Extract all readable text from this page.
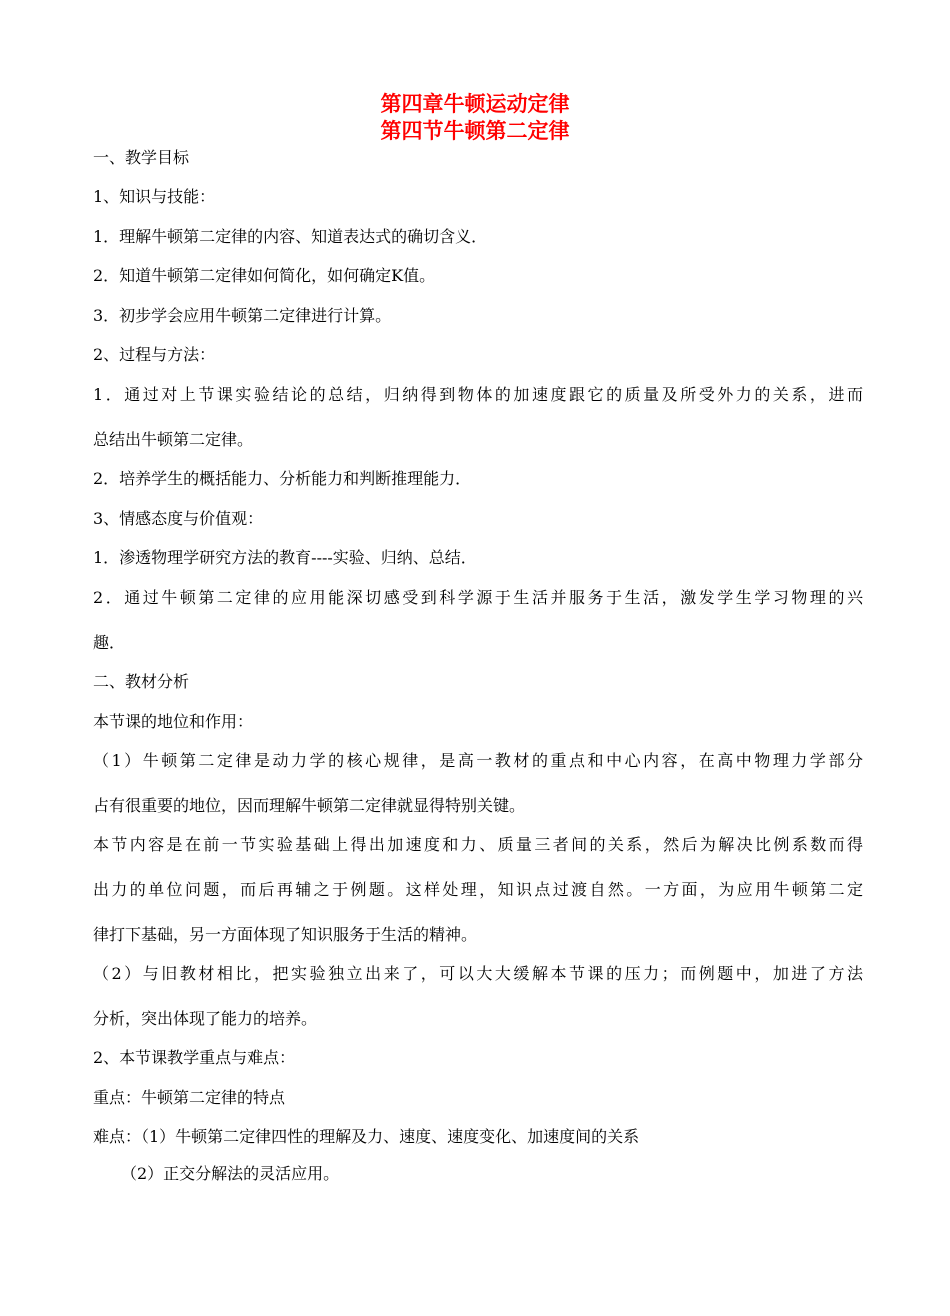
第四章牛顿运动定律
第四节牛顿第二定律
一、教学目标
1、知识与技能：
1．理解牛顿第二定律的内容、知道表达式的确切含义．
2．知道牛顿第二定律如何简化，如何确定K值。
3．初步学会应用牛顿第二定律进行计算。
2、过程与方法：
1．通过对上节课实验结论的总结，归纳得到物体的加速度跟它的质量及所受外力的关系，进而
总结出牛顿第二定律。
2．培养学生的概括能力、分析能力和判断推理能力．
3、情感态度与价值观：
1．渗透物理学研究方法的教育----实验、归纳、总结．
2．通过牛顿第二定律的应用能深切感受到科学源于生活并服务于生活，激发学生学习物理的兴
趣．
二、教材分析
本节课的地位和作用：
（1）牛顿第二定律是动力学的核心规律，是高一教材的重点和中心内容，在高中物理力学部分
占有很重要的地位，因而理解牛顿第二定律就显得特别关键。
本节内容是在前一节实验基础上得出加速度和力、质量三者间的关系，然后为解决比例系数而得
出力的单位问题，而后再辅之于例题。这样处理，知识点过渡自然。一方面，为应用牛顿第二定
律打下基础，另一方面体现了知识服务于生活的精神。
（2）与旧教材相比，把实验独立出来了，可以大大缓解本节课的压力；而例题中，加进了方法
分析，突出体现了能力的培养。
2、本节课教学重点与难点：
重点：牛顿第二定律的特点
难点：（1）牛顿第二定律四性的理解及力、速度、速度变化、加速度间的关系
（2）正交分解法的灵活应用。
